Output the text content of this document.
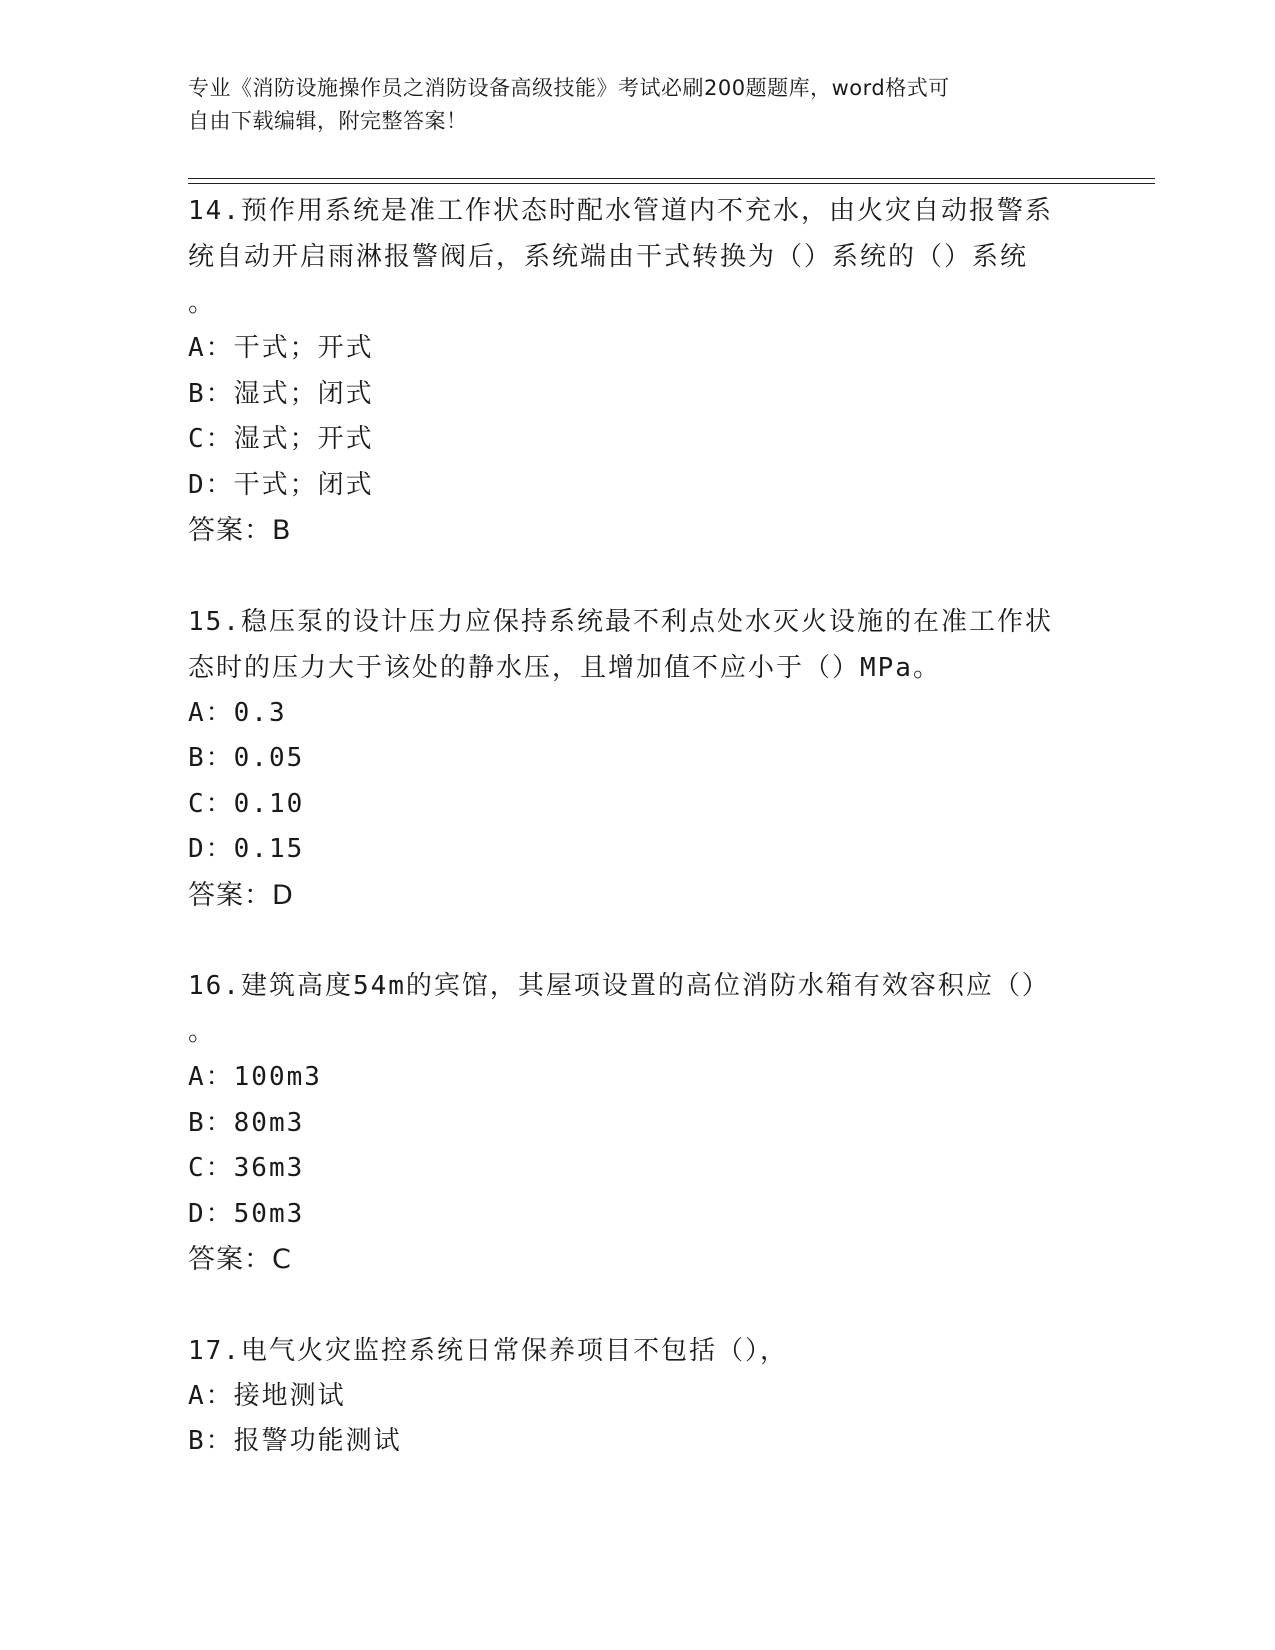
专业《消防设施操作员之消防设备高级技能》考试必刷200题题库，word格式可
自由下载编辑，附完整答案！
14.预作用系统是准工作状态时配水管道内不充水，由火灾自动报警系
统自动开启雨淋报警阀后，系统端由干式转换为（）系统的（）系统
。
A：干式；开式
B：湿式；闭式
C：湿式；开式
D：干式；闭式
答案：B
15.稳压泵的设计压力应保持系统最不利点处水灭火设施的在准工作状
态时的压力大于该处的静水压，且增加值不应小于（）MPa。
A：0.3
B：0.05
C：0.10
D：0.15
答案：D
16.建筑高度54m的宾馆，其屋项设置的高位消防水箱有效容积应（）
。
A：100m3
B：80m3
C：36m3
D：50m3
答案：C
17.电气火灾监控系统日常保养项目不包括（），
A：接地测试
B：报警功能测试
